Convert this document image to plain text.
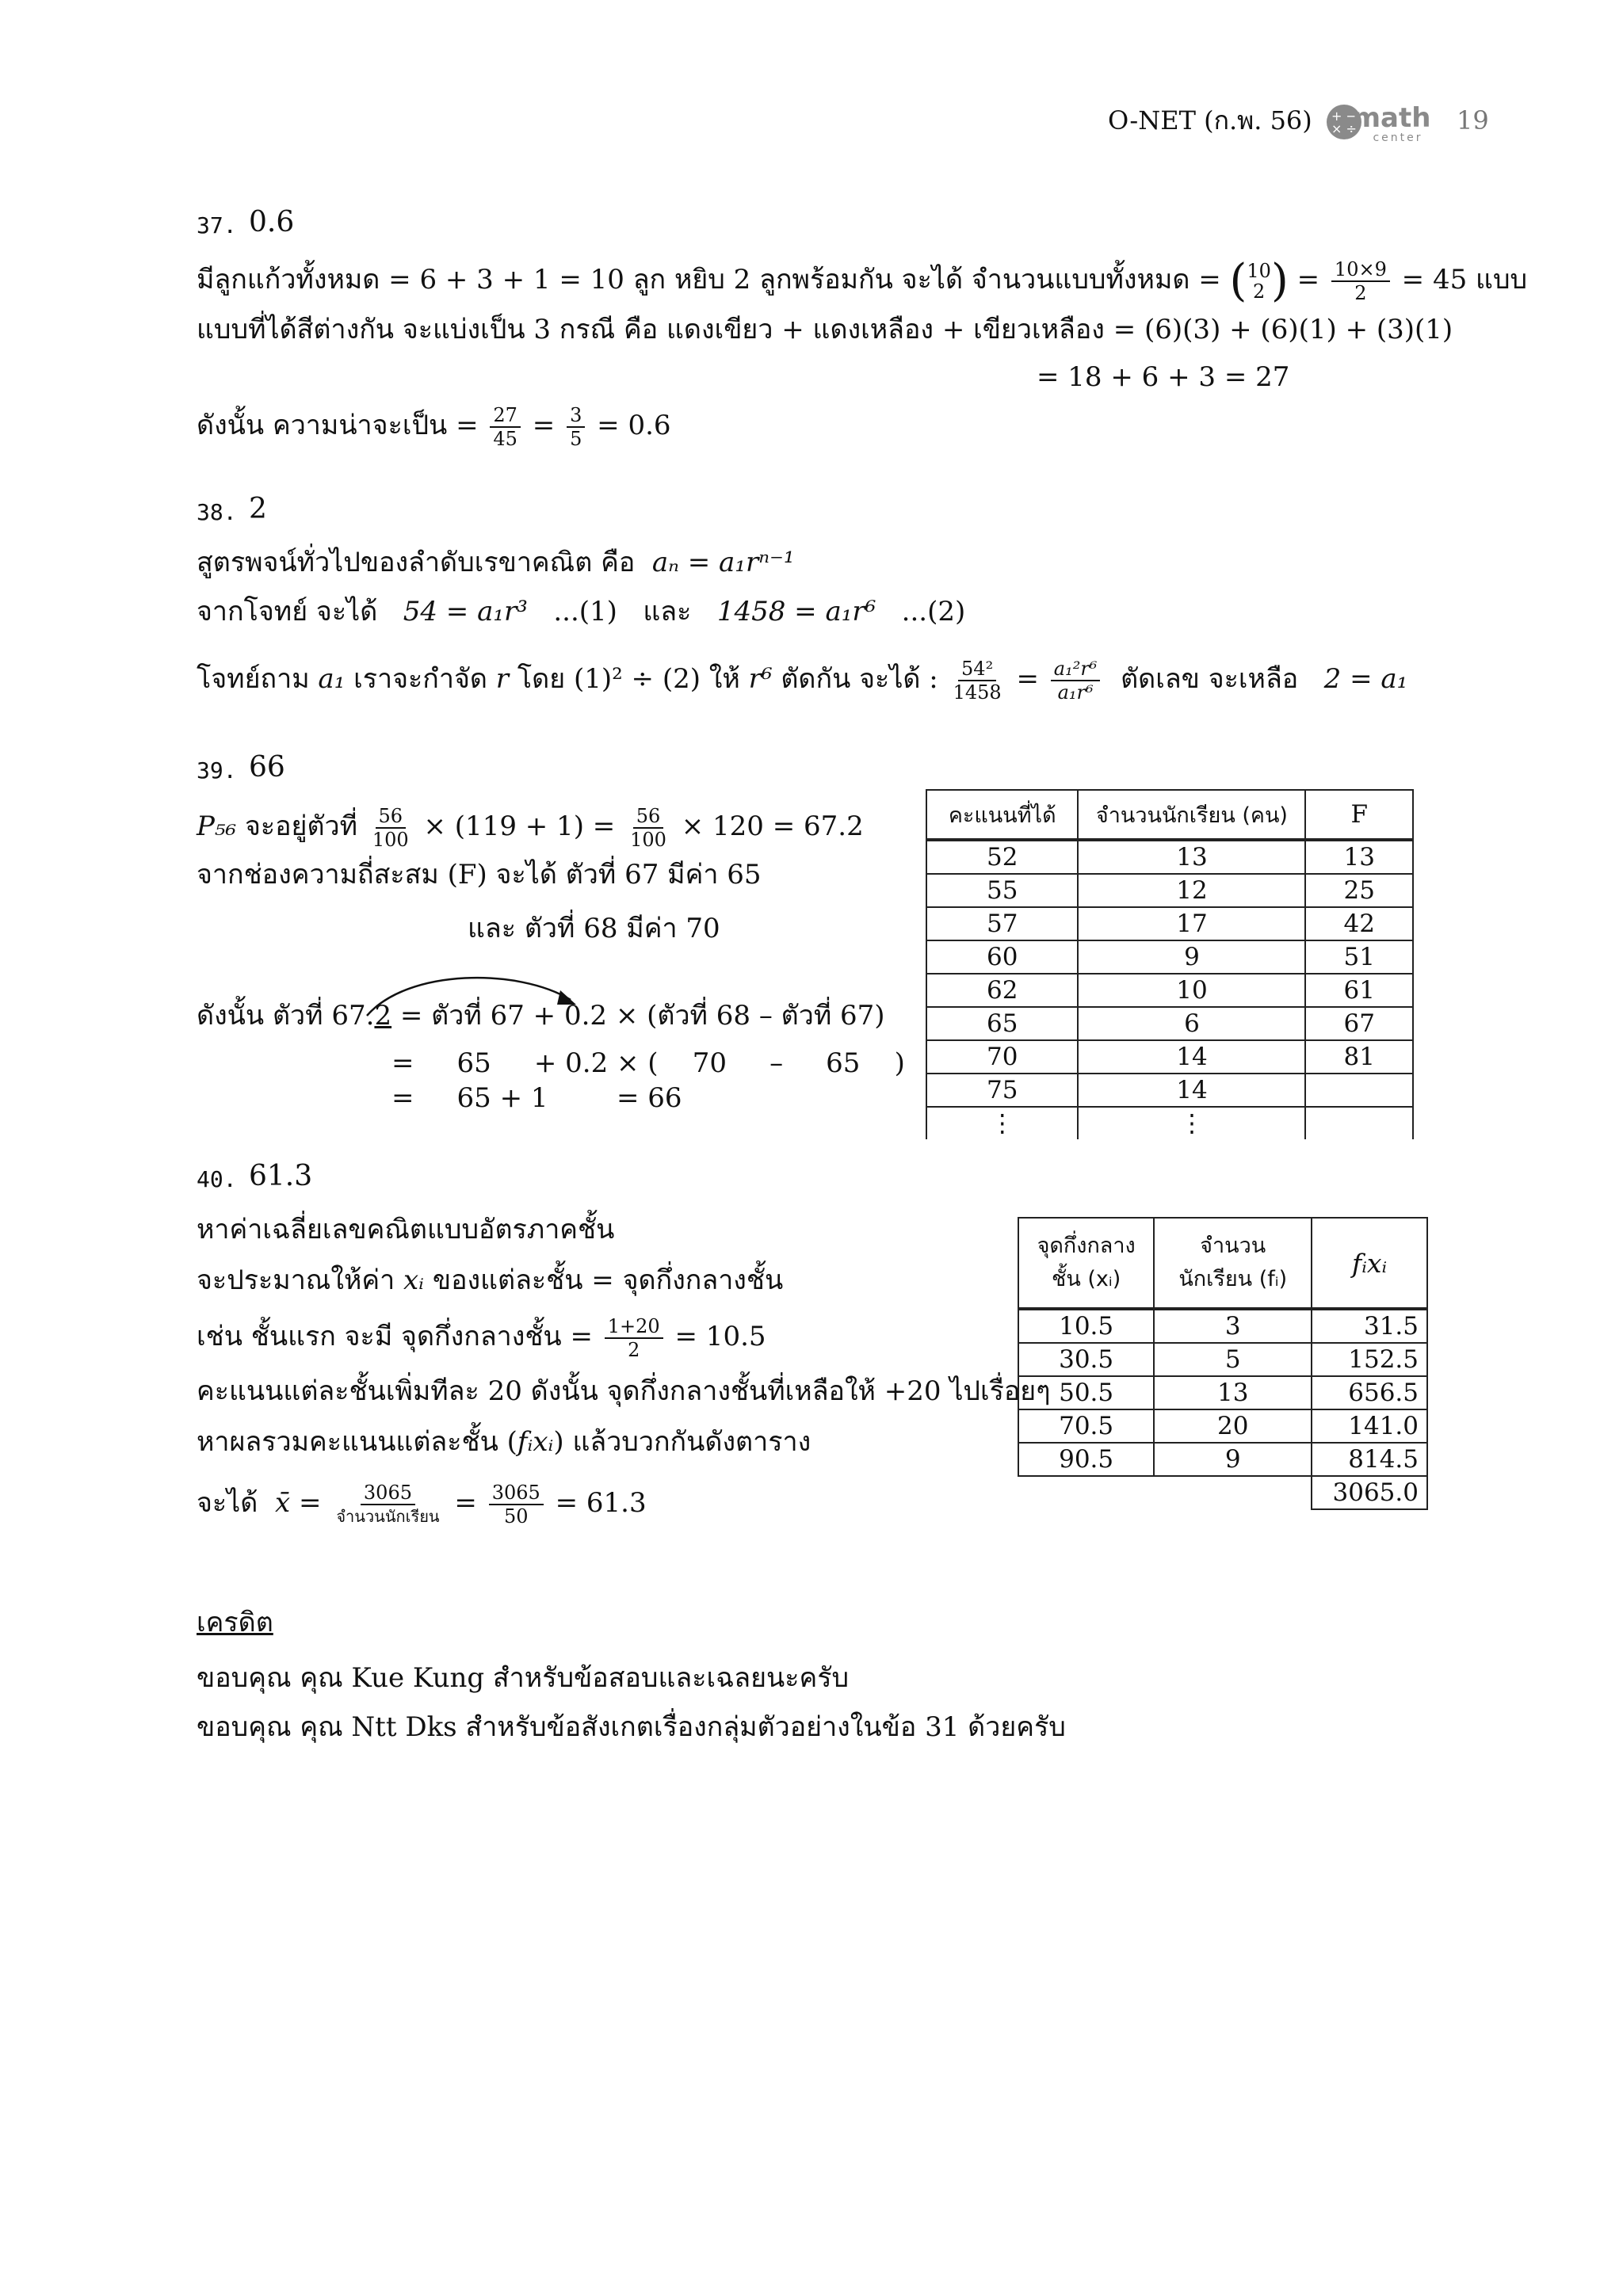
O-NET (ก.พ. 56) + −
× ÷
math
center
19
37. 0.6
มีลูกแก้วทั้งหมด = 6 + 3 + 1 = 10 ลูก หยิบ 2 ลูกพร้อมกัน จะได้ จำนวนแบบทั้งหมด = ( 10
2 ) = $\frac{10\times 9}{2} = 45$ แบบ
แบบที่ได้สีต่างกัน จะแบ่งเป็น 3 กรณี คือ แดงเขียว + แดงเหลือง + เขียวเหลือง = (6)(3) + (6)(1) + (3)(1)
= 18 + 6 + 3 = 27
ดังนั้น ความน่าจะเป็น = $\frac{27}{45} = \frac{3}{5} = 0.6$
38. 2
สูตรพจน์ทั่วไปของลำดับเรขาคณิต คือ aₙ = a₁rⁿ⁻¹
จากโจทย์ จะได้ 54 = a₁r³ ...(1) และ 1458 = a₁r⁶ ...(2)
โจทย์ถาม a₁ เราจะกำจัด r โดย (1)² ÷ (2) ให้ r⁶ ตัดกัน จะได้ : $\frac{\text{54²}}{1458} = \frac{\text{a₁²r⁶}}{\text{a₁r⁶}}$ ตัดเลข จะเหลือ 2 = a₁
39. 66
P₅₆ จะอยู่ตัวที่ $\frac{56}{100} \times (119 + 1) = \frac{56}{100} \times 120 = 67.2$
จากช่องความถี่สะสม (F) จะได้ ตัวที่ 67 มีค่า 65
และ ตัวที่ 68 มีค่า 70
ดังนั้น ตัวที่ 67.2 = ตัวที่ 67 + 0.2 × (ตัวที่ 68 – ตัวที่ 67)
=     65     + 0.2 × (    70     –     65    )
=     65 + 1        = 66
คะแนนที่ได้	จำนวนนักเรียน (คน)	F
52	13	13
55	12	25
57	17	42
60	9	51
62	10	61
65	6	67
70	14	81
75	14	
⋮	⋮	
40. 61.3
หาค่าเฉลี่ยเลขคณิตแบบอัตรภาคชั้น
จะประมาณให้ค่า xᵢ ของแต่ละชั้น = จุดกึ่งกลางชั้น
เช่น ชั้นแรก จะมี จุดกึ่งกลางชั้น = $\frac{1+20}{2} = 10.5$
คะแนนแต่ละชั้นเพิ่มทีละ 20 ดังนั้น จุดกึ่งกลางชั้นที่เหลือให้ +20 ไปเรื่อยๆ
หาผลรวมคะแนนแต่ละชั้น (fᵢxᵢ) แล้วบวกกันดังตาราง
จะได้ x̄ = $\frac{3065}{\text{จำนวนนักเรียน}} = \frac{3065}{50} = 61.3$
จุดกึ่งกลาง
ชั้น (xᵢ)	จำนวน
นักเรียน (fᵢ)	fᵢxᵢ
10.5	3	31.5
30.5	5	152.5
50.5	13	656.5
70.5	20	141.0
90.5	9	814.5
		3065.0
เครดิต
ขอบคุณ คุณ Kue Kung สำหรับข้อสอบและเฉลยนะครับ
ขอบคุณ คุณ Ntt Dks สำหรับข้อสังเกตเรื่องกลุ่มตัวอย่างในข้อ 31 ด้วยครับ
